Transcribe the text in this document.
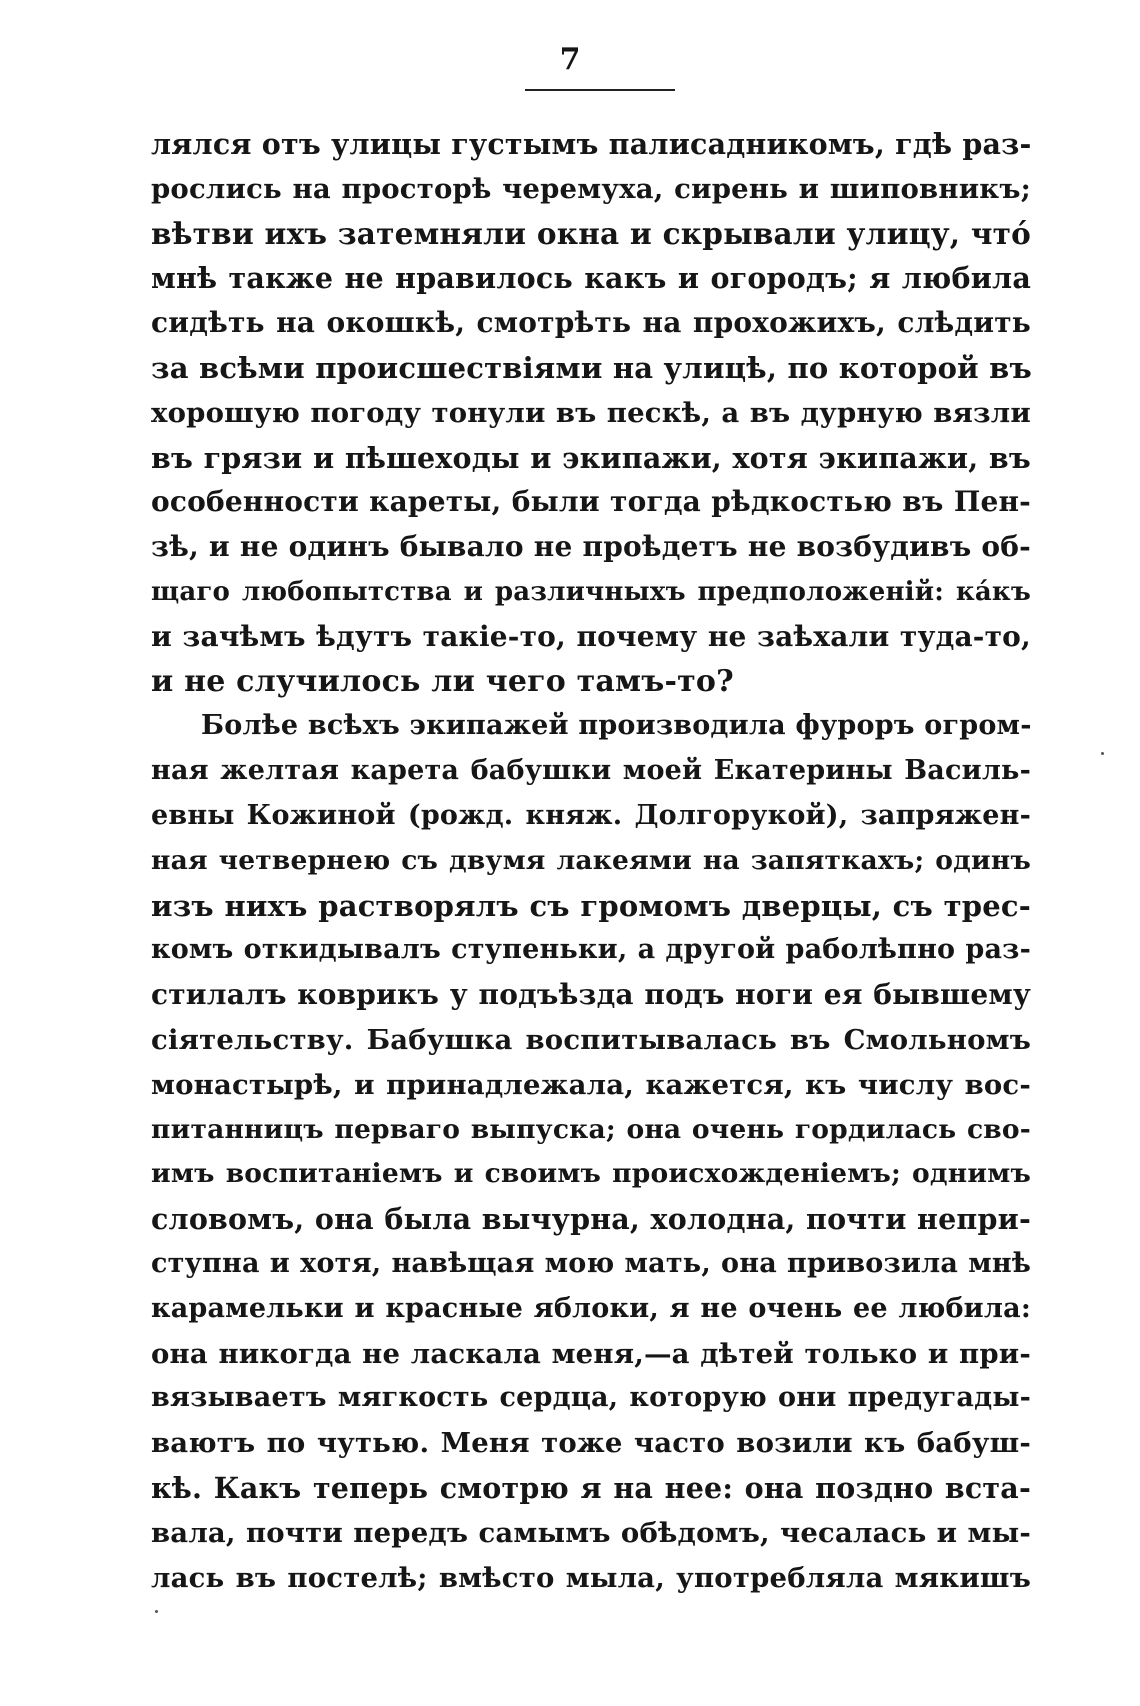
7
лялся отъ улицы густымъ палисадникомъ, гдѣ раз-
рослись на просторѣ черемуха, сирень и шиповникъ;
вѣтви ихъ затемняли окна и скрывали улицу, чтó
мнѣ также не нравилось какъ и огородъ; я любила
сидѣть на окошкѣ, смотрѣть на прохожихъ, слѣдить
за всѣми происшествіями на улицѣ, по которой въ
хорошую погоду тонули въ пескѣ, а въ дурную вязли
въ грязи и пѣшеходы и экипажи, хотя экипажи, въ
особенности кареты, были тогда рѣдкостью въ Пен-
зѣ, и не одинъ бывало не проѣдетъ не возбудивъ об-
щаго любопытства и различныхъ предположеній: кáкъ
и зачѣмъ ѣдутъ такіе-то, почему не заѣхали туда-то,
и не случилось ли чего тамъ-то?
Болѣе всѣхъ экипажей производила фуроръ огром-
ная желтая карета бабушки моей Екатерины Василь-
евны Кожиной (рожд. княж. Долгорукой), запряжен-
ная четвернею съ двумя лакеями на запяткахъ; одинъ
изъ нихъ растворялъ съ громомъ дверцы, съ трес-
комъ откидывалъ ступеньки, а другой раболѣпно раз-
стилалъ коврикъ у подъѣзда подъ ноги ея бывшему
сіятельству. Бабушка воспитывалась въ Смольномъ
монастырѣ, и принадлежала, кажется, къ числу вос-
питанницъ перваго выпуска; она очень гордилась сво-
имъ воспитаніемъ и своимъ происхожденіемъ; однимъ
словомъ, она была вычурна, холодна, почти непри-
ступна и хотя, навѣщая мою мать, она привозила мнѣ
карамельки и красные яблоки, я не очень ее любила:
она никогда не ласкала меня,—а дѣтей только и при-
вязываетъ мягкость сердца, которую они предугады-
ваютъ по чутью. Меня тоже часто возили къ бабуш-
кѣ. Какъ теперь смотрю я на нее: она поздно вста-
вала, почти передъ самымъ обѣдомъ, чесалась и мы-
лась въ постелѣ; вмѣсто мыла, употребляла мякишъ
